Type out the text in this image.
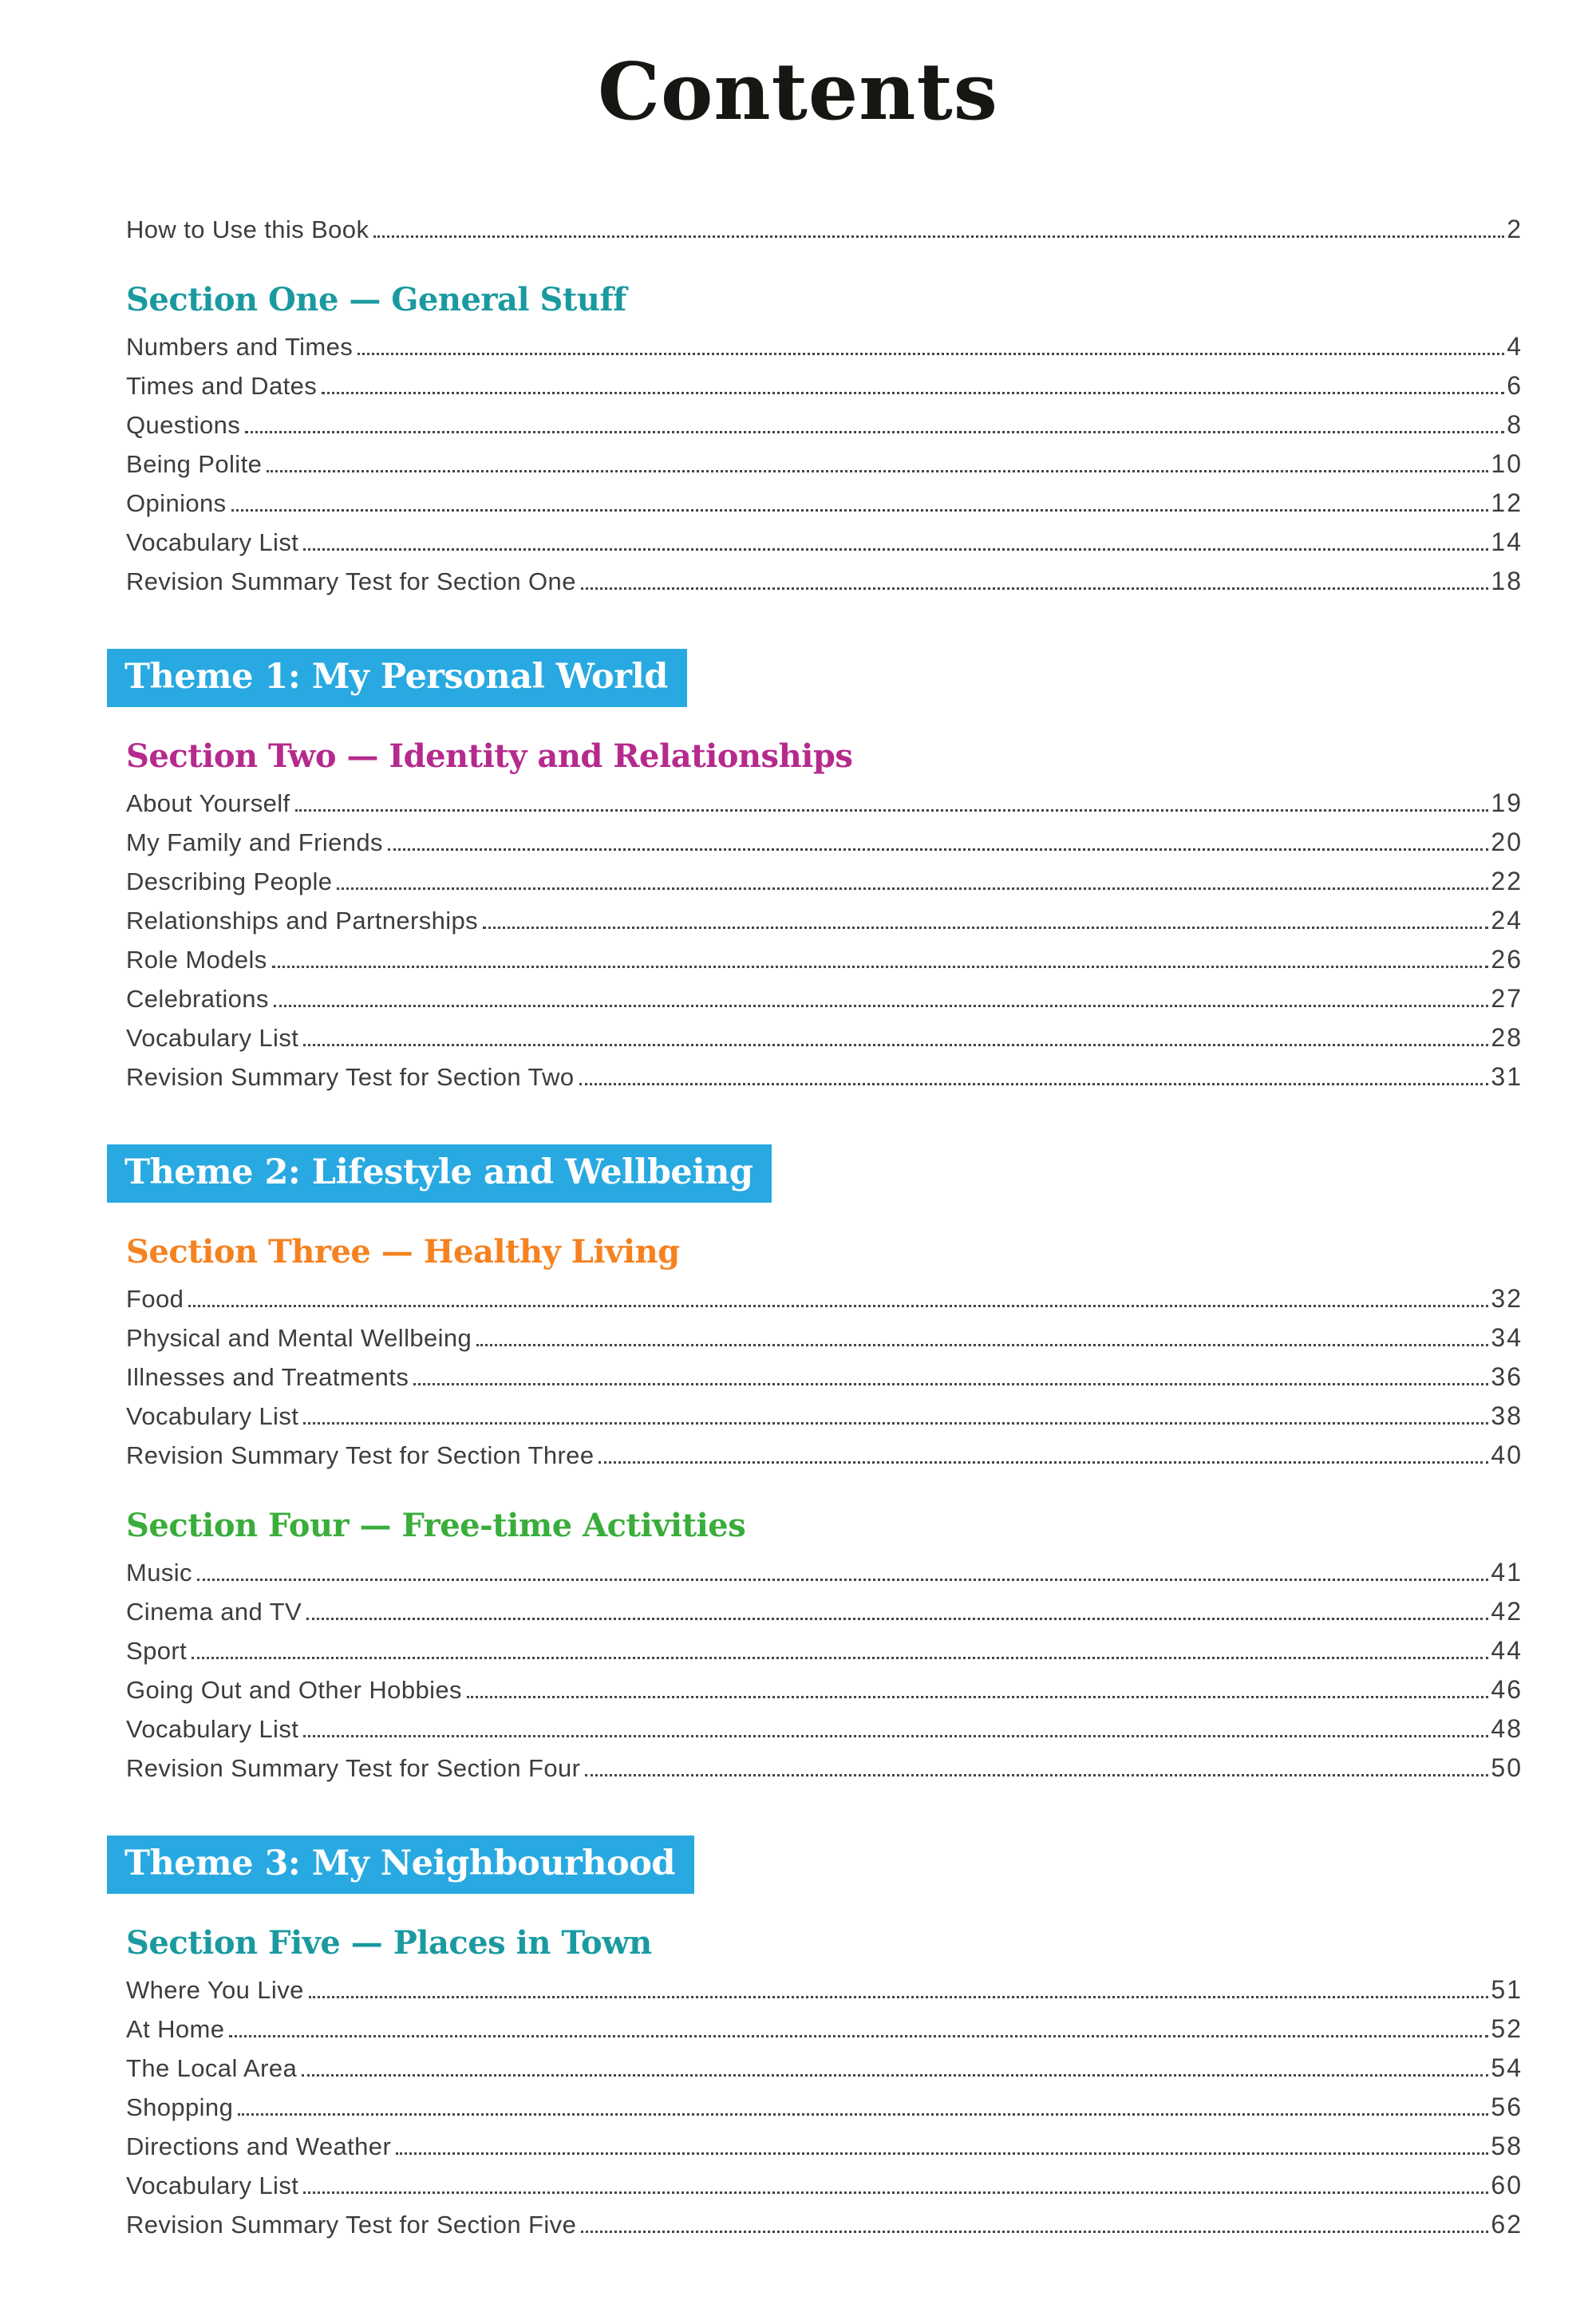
Contents
How to Use this Book	2
Section One — General Stuff
Numbers and Times	4
Times and Dates	6
Questions	8
Being Polite	10
Opinions	12
Vocabulary List	14
Revision Summary Test for Section One	18
Theme 1: My Personal World

Section Two — Identity and Relationships
About Yourself	19
My Family and Friends	20
Describing People	22
Relationships and Partnerships	24
Role Models	26
Celebrations	27
Vocabulary List	28
Revision Summary Test for Section Two	31
Theme 2: Lifestyle and Wellbeing

Section Three — Healthy Living
Food	32
Physical and Mental Wellbeing	34
Illnesses and Treatments	36
Vocabulary List	38
Revision Summary Test for Section Three	40
Section Four — Free-time Activities
Music	41
Cinema and TV	42
Sport	44
Going Out and Other Hobbies	46
Vocabulary List	48
Revision Summary Test for Section Four	50
Theme 3: My Neighbourhood

Section Five — Places in Town
Where You Live	51
At Home	52
The Local Area	54
Shopping	56
Directions and Weather	58
Vocabulary List	60
Revision Summary Test for Section Five	62
